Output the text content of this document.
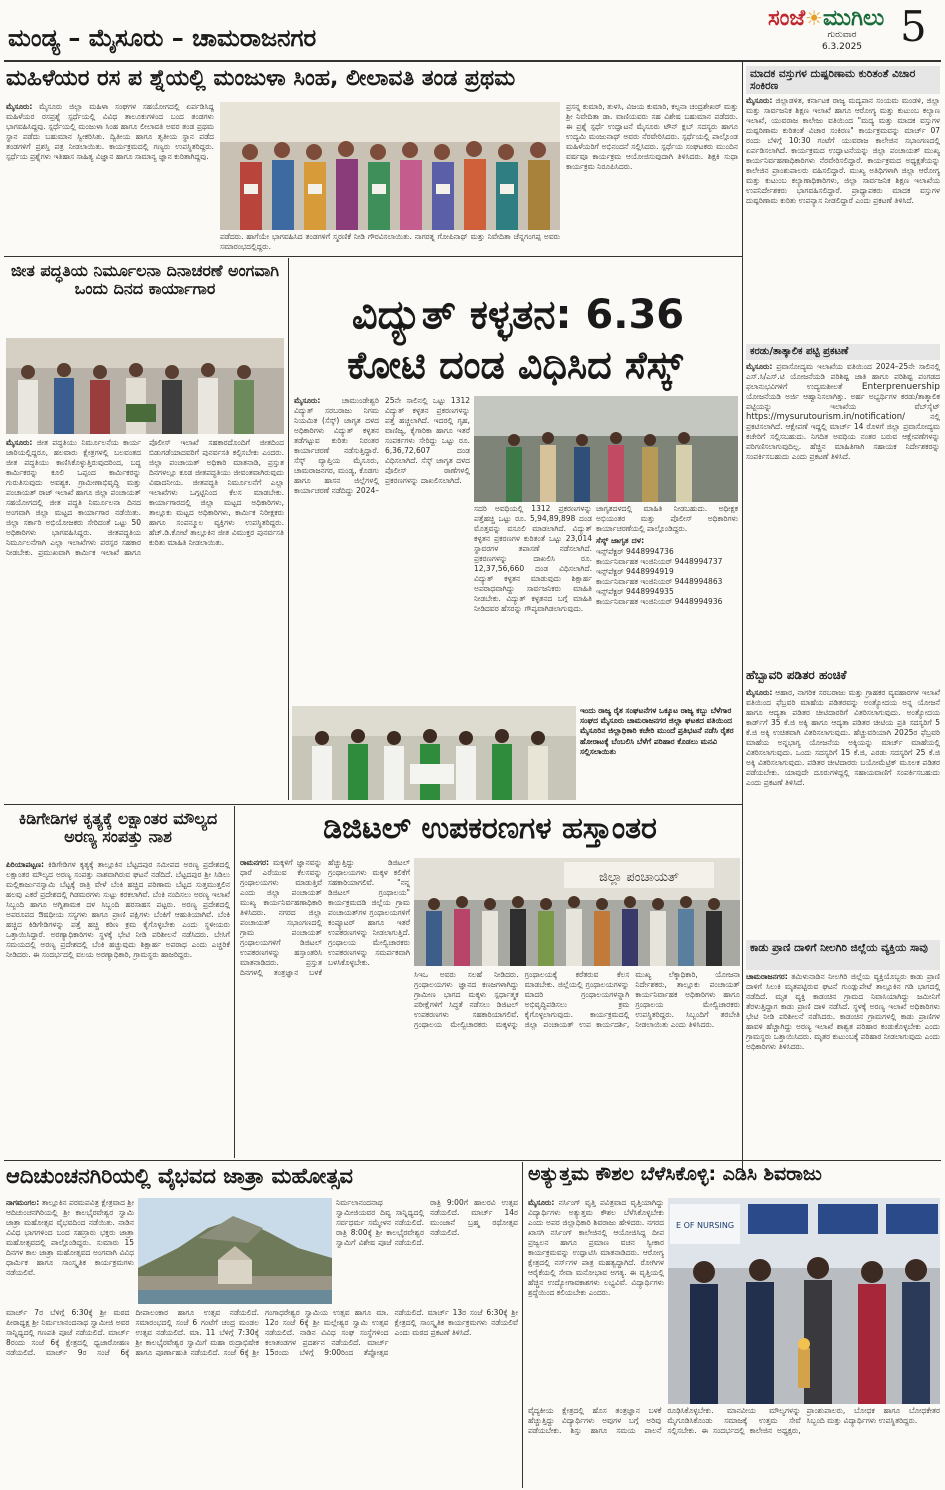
ಮಂಡ್ಯ – ಮೈಸೂರು – ಚಾಮರಾಜನಗರ
ಸಂಜೆ☀ಮುಗಿಲು
ಗುರುವಾರ
6.3.2025 5
ಮಹಿಳೆಯರ ರಸ ಪ ಶ್ನೆಯಲ್ಲಿ ಮಂಜುಳಾ ಸಿಂಹ, ಲೀಲಾವತಿ ತಂಡ ಪ್ರಥಮ
ಮೈಸೂರು: ಮೈಸೂರು ಜಿಲ್ಲಾ ಮಹಿಳಾ ಸಂಘಗಳ ಸಹಯೋಗದಲ್ಲಿ ಏರ್ಪಡಿಸಿದ್ದ ಮಹಿಳೆಯರ ರಸಪ್ರಶ್ನೆ ಸ್ಪರ್ಧೆಯಲ್ಲಿ ವಿವಿಧ ತಾಲೂಕುಗಳಿಂದ ಬಂದ ತಂಡಗಳು ಭಾಗವಹಿಸಿದ್ದವು. ಸ್ಪರ್ಧೆಯಲ್ಲಿ ಮಂಜುಳಾ ಸಿಂಹ ಹಾಗೂ ಲೀಲಾವತಿ ಅವರ ತಂಡ ಪ್ರಥಮ ಸ್ಥಾನ ಪಡೆದು ಬಹುಮಾನ ಸ್ವೀಕರಿಸಿತು. ದ್ವಿತೀಯ ಹಾಗೂ ತೃತೀಯ ಸ್ಥಾನ ಪಡೆದ ತಂಡಗಳಿಗೆ ಪ್ರಶಸ್ತಿ ಪತ್ರ ನೀಡಲಾಯಿತು. ಕಾರ್ಯಕ್ರಮದಲ್ಲಿ ಗಣ್ಯರು ಉಪಸ್ಥಿತರಿದ್ದರು. ಸ್ಪರ್ಧೆಯ ಪ್ರಶ್ನೆಗಳು ಇತಿಹಾಸ ಸಾಹಿತ್ಯ ವಿಜ್ಞಾನ ಹಾಗೂ ಸಾಮಾನ್ಯ ಜ್ಞಾನ ಕುರಿತಾಗಿದ್ದವು.
ಪಡೆದರು. ಹಾಗೆಯೇ ಭಾಗವಹಿಸಿದ ತಂಡಗಳಿಗೆ ಸ್ಮರಣಿಕೆ ನೀಡಿ ಗೌರವಿಸಲಾಯಿತು. ನಾಗರತ್ನ ಗೋಪಿನಾಥ್ ಮತ್ತು ನಿವೇದಿತಾ ಚೆನ್ನಗಂಗಪ್ಪ ಅವರು ಸಮಾರಂಭದಲ್ಲಿದ್ದರು.
ಪ್ರಸನ್ನ ಕುಮಾರಿ, ತುಳಸಿ, ವಿಜಯ ಕುಮಾರಿ, ಕಲ್ಪನಾ ಚಂದ್ರಶೇಖರ್ ಮತ್ತು ಶ್ರೀ ನಿವೇದಿತಾ ಡಾ. ವಾಣಿಯವರು ಸಹ ವಿಶೇಷ ಬಹುಮಾನ ಪಡೆದರು. ಈ ಪ್ರಶ್ನೆ ಸ್ಪರ್ಧೆ ಉದ್ಘಾಟನೆ ಮೈಸೂರು ಟೌನ್ ಕ್ಲಬ್ ಸದಸ್ಯರು ಹಾಗೂ ಉದ್ಯಮಿ ಮಂಜುನಾಥ್ ಅವರು ನೆರವೇರಿಸಿದರು. ಸ್ಪರ್ಧೆಯಲ್ಲಿ ಪಾಲ್ಗೊಂಡ ಮಹಿಳೆಯರಿಗೆ ಅಭಿನಂದನೆ ಸಲ್ಲಿಸಿದರು. ಸ್ಪರ್ಧೆಯ ಸಂಘಟಕರು ಮುಂದಿನ ವರ್ಷವೂ ಕಾರ್ಯಕ್ರಮ ಆಯೋಜಿಸುವುದಾಗಿ ತಿಳಿಸಿದರು. ಶಿಕ್ಷಕಿ ಸುಧಾ ಕಾರ್ಯಕ್ರಮ ನಿರೂಪಿಸಿದರು.
ಮಾದಕ ವಸ್ತುಗಳ ದುಷ್ಪರಿಣಾಮ ಕುರಿತಂತೆ ವಿಚಾರ ಸಂಕಿರಣ
ಮೈಸೂರು: ಜಿಲ್ಲಾಡಳಿತ, ಕರ್ನಾಟಕ ರಾಜ್ಯ ಮದ್ಯಪಾನ ಸಂಯಮ ಮಂಡಳಿ, ಜಿಲ್ಲಾ ಮತ್ತು ಸಾರ್ವಜನಿಕ ಶಿಕ್ಷಣ ಇಲಾಖೆ ಹಾಗೂ ಆರೋಗ್ಯ ಮತ್ತು ಕುಟುಂಬ ಕಲ್ಯಾಣ ಇಲಾಖೆ, ಯುವರಾಜ ಕಾಲೇಜು ವತಿಯಿಂದ "ಮದ್ಯ ಮತ್ತು ಮಾದಕ ವಸ್ತುಗಳ ದುಷ್ಪರಿಣಾಮ ಕುರಿತಂತೆ ವಿಚಾರ ಸಂಕಿರಣ" ಕಾರ್ಯಕ್ರಮವನ್ನು ಮಾರ್ಚ್ 07 ರಂದು ಬೆಳಿಗ್ಗೆ 10:30 ಗಂಟೆಗೆ ಯುವರಾಜ ಕಾಲೇಜಿನ ಸಭಾಂಗಣದಲ್ಲಿ ಏರ್ಪಡಿಸಲಾಗಿದೆ. ಕಾರ್ಯಕ್ರಮದ ಉದ್ಘಾಟನೆಯನ್ನು ಜಿಲ್ಲಾ ಪಂಚಾಯತ್ ಮುಖ್ಯ ಕಾರ್ಯನಿರ್ವಹಣಾಧಿಕಾರಿಗಳು ನೆರವೇರಿಸಲಿದ್ದಾರೆ. ಕಾರ್ಯಕ್ರಮದ ಅಧ್ಯಕ್ಷತೆಯನ್ನು ಕಾಲೇಜಿನ ಪ್ರಾಂಶುಪಾಲರು ವಹಿಸಲಿದ್ದಾರೆ. ಮುಖ್ಯ ಅತಿಥಿಗಳಾಗಿ ಜಿಲ್ಲಾ ಆರೋಗ್ಯ ಮತ್ತು ಕುಟುಂಬ ಕಲ್ಯಾಣಾಧಿಕಾರಿಗಳು, ಜಿಲ್ಲಾ ಸಾರ್ವಜನಿಕ ಶಿಕ್ಷಣ ಇಲಾಖೆಯ ಉಪನಿರ್ದೇಶಕರು ಭಾಗವಹಿಸಲಿದ್ದಾರೆ. ಪ್ರಾಧ್ಯಾಪಕರು ಮಾದಕ ವಸ್ತುಗಳ ದುಷ್ಪರಿಣಾಮ ಕುರಿತು ಉಪನ್ಯಾಸ ನೀಡಲಿದ್ದಾರೆ ಎಂದು ಪ್ರಕಟಣೆ ತಿಳಿಸಿದೆ.
ಜೀತ ಪದ್ಧತಿಯ ನಿರ್ಮೂಲನಾ ದಿನಾಚರಣೆ ಅಂಗವಾಗಿ ಒಂದು ದಿನದ ಕಾರ್ಯಾಗಾರ
ಮೈಸೂರು: ಜೀತ ಪದ್ಧತಿಯು ನಿರ್ಮೂಲನೆಯ ಕಾರ್ಯ ಜಾರಿಯಲ್ಲಿದ್ದರೂ, ಹಲವಾರು ಕ್ಷೇತ್ರಗಳಲ್ಲಿ ಬಲವಂತದ ಜೀತ ಪದ್ಧತಿಯು ಕಾಣಿಸಿಕೊಳ್ಳುತ್ತಿರುವುದರಿಂದ, ಬದ್ಧ ಕಾರ್ಮಿಕರನ್ನು ಕೂಲಿ ಒಪ್ಪಂದ ಕಾರ್ಮಿಕರನ್ನು ಗುರುತಿಸುವುದು ಅವಶ್ಯಕ. ಗ್ರಾಮೀಣಾಭಿವೃದ್ಧಿ ಮತ್ತು ಪಂಚಾಯತ್ ರಾಜ್ ಇಲಾಖೆ ಹಾಗೂ ಜಿಲ್ಲಾ ಪಂಚಾಯತ್ ಸಹಯೋಗದಲ್ಲಿ ಜೀತ ಪದ್ಧತಿ ನಿರ್ಮೂಲನಾ ದಿನದ ಅಂಗವಾಗಿ ಜಿಲ್ಲಾ ಮಟ್ಟದ ಕಾರ್ಯಾಗಾರ ನಡೆಯಿತು. ಜಿಲ್ಲಾ ಸರ್ಕಾರಿ ಅಭಿಯೋಜಕರು ಸೇರಿದಂತೆ ಒಟ್ಟು 50 ಅಧಿಕಾರಿಗಳು ಭಾಗವಹಿಸಿದ್ದರು. ಜೀತಪದ್ಧತಿಯ ನಿರ್ಮೂಲನೆಗಾಗಿ ಎಲ್ಲಾ ಇಲಾಖೆಗಳು ಪರಸ್ಪರ ಸಹಕಾರ ನೀಡಬೇಕು. ಪ್ರಮುಖವಾಗಿ ಕಾರ್ಮಿಕ ಇಲಾಖೆ ಹಾಗೂ ಪೊಲೀಸ್ ಇಲಾಖೆ ಸಹಕಾರದೊಂದಿಗೆ ಜೀತದಿಂದ ಬಿಡುಗಡೆಯಾದವರಿಗೆ ಪುನರ್ವಸತಿ ಕಲ್ಪಿಸಬೇಕು ಎಂದರು. ಜಿಲ್ಲಾ ಪಂಚಾಯತ್ ಅಧಿಕಾರಿ ಮಾತನಾಡಿ, ಪ್ರಸ್ತುತ ದಿನಗಳಲ್ಲೂ ಕೂಡ ಜೀತಪದ್ಧತಿಯು ಜೀವಂತವಾಗಿರುವುದು ವಿಷಾದನೀಯ. ಜೀತಪದ್ಧತಿ ನಿರ್ಮೂಲನೆಗೆ ಎಲ್ಲಾ ಇಲಾಖೆಗಳು ಒಗ್ಗಟ್ಟಿನಿಂದ ಕೆಲಸ ಮಾಡಬೇಕು. ಕಾರ್ಯಾಗಾರದಲ್ಲಿ ಜಿಲ್ಲಾ ಮಟ್ಟದ ಅಧಿಕಾರಿಗಳು, ತಾಲ್ಲೂಕು ಮಟ್ಟದ ಅಧಿಕಾರಿಗಳು, ಕಾರ್ಮಿಕ ನಿರೀಕ್ಷಕರು ಹಾಗೂ ಸಂಪನ್ಮೂಲ ವ್ಯಕ್ತಿಗಳು ಉಪಸ್ಥಿತರಿದ್ದರು. ಹೆಚ್.ಡಿ.ಕೋಟೆ ತಾಲ್ಲೂಕಿನ ಜೀತ ವಿಮುಕ್ತರ ಪುನರ್ವಸತಿ ಕುರಿತು ಮಾಹಿತಿ ನೀಡಲಾಯಿತು.
ವಿದ್ಯುತ್ ಕಳ್ಳತನ: 6.36
ಕೋಟಿ ದಂಡ ವಿಧಿಸಿದ ಸೆಸ್ಕ್
ಮೈಸೂರು: ಚಾಮುಂಡೇಶ್ವರಿ ವಿದ್ಯುತ್ ಸರಬರಾಜು ನಿಗಮ ನಿಯಮಿತ (ಸೆಸ್ಕ್) ಜಾಗೃತ ದಳದ ಅಧಿಕಾರಿಗಳು ವಿದ್ಯುತ್ ಕಳ್ಳತನ ತಡೆಗಟ್ಟುವ ಕುರಿತು ನಿರಂತರ ಕಾರ್ಯಾಚರಣೆ ನಡೆಸುತ್ತಿದ್ದಾರೆ. ಸೆಸ್ಕ್ ವ್ಯಾಪ್ತಿಯ ಮೈಸೂರು, ಚಾಮರಾಜನಗರ, ಮಂಡ್ಯ, ಕೊಡಗು ಹಾಗೂ ಹಾಸನ ಜಿಲ್ಲೆಗಳಲ್ಲಿ ಕಾರ್ಯಾಚರಣೆ ನಡೆದಿದ್ದು 2024–25ನೇ ಸಾಲಿನಲ್ಲಿ ಒಟ್ಟು 1312 ವಿದ್ಯುತ್ ಕಳ್ಳತನ ಪ್ರಕರಣಗಳನ್ನು ಪತ್ತೆ ಹಚ್ಚಲಾಗಿದೆ. ಇದರಲ್ಲಿ ಗೃಹ, ವಾಣಿಜ್ಯ, ಕೈಗಾರಿಕಾ ಹಾಗೂ ಇತರೆ ಸಂಪರ್ಕಗಳು ಸೇರಿದ್ದು ಒಟ್ಟು ರೂ. 6,36,72,607 ದಂಡ ವಿಧಿಸಲಾಗಿದೆ. ಸೆಸ್ಕ್ ಜಾಗೃತ ದಳದ ಪೊಲೀಸ್ ಠಾಣೆಗಳಲ್ಲಿ ಪ್ರಕರಣಗಳನ್ನು ದಾಖಲಿಸಲಾಗಿದೆ.
ಸದರಿ ಅವಧಿಯಲ್ಲಿ 1312 ಪ್ರಕರಣಗಳನ್ನು ಪತ್ತೆಹಚ್ಚಿ ಒಟ್ಟು ರೂ. 5,94,89,898 ದಂಡ ಮೊತ್ತವನ್ನು ವಸೂಲಿ ಮಾಡಲಾಗಿದೆ. ವಿದ್ಯುತ್ ಕಳ್ಳತನ ಪ್ರಕರಣಗಳ ಕುರಿತಂತೆ ಒಟ್ಟು 23,014 ಸ್ಥಾವರಗಳ ತಪಾಸಣೆ ನಡೆಸಲಾಗಿದೆ. ಪ್ರಕರಣಗಳನ್ನು ದಾಖಲಿಸಿ ರೂ. 12,37,56,660 ದಂಡ ವಿಧಿಸಲಾಗಿದೆ. ವಿದ್ಯುತ್ ಕಳ್ಳತನ ಮಾಡುವುದು ಶಿಕ್ಷಾರ್ಹ ಅಪರಾಧವಾಗಿದ್ದು ಸಾರ್ವಜನಿಕರು ಮಾಹಿತಿ ನೀಡಬೇಕು. ವಿದ್ಯುತ್ ಕಳ್ಳತನದ ಬಗ್ಗೆ ಮಾಹಿತಿ ನೀಡಿದವರ ಹೆಸರನ್ನು ಗೌಪ್ಯವಾಗಿಡಲಾಗುವುದು.
ಜಾಗೃತದಳದಲ್ಲಿ ಮಾಹಿತಿ ನೀಡಬಹುದು. ಅಧೀಕ್ಷಕ ಅಭಿಯಂತರ ಮತ್ತು ಪೊಲೀಸ್ ಅಧಿಕಾರಿಗಳು ಕಾರ್ಯಾಚರಣೆಯಲ್ಲಿ ಪಾಲ್ಗೊಂಡಿದ್ದರು.
ಸೆಸ್ಕ್ ಜಾಗೃತ ದಳ:
ಇನ್ಸ್‌ಪೆಕ್ಟರ್ 9448994736
ಕಾರ್ಯನಿರ್ವಾಹಕ ಇಂಜಿನಿಯರ್ 9448994737
ಇನ್ಸ್‌ಪೆಕ್ಟರ್ 9448994919
ಕಾರ್ಯನಿರ್ವಾಹಕ ಇಂಜಿನಿಯರ್ 9448994863
ಇನ್ಸ್‌ಪೆಕ್ಟರ್ 9448994935
ಕಾರ್ಯನಿರ್ವಾಹಕ ಇಂಜಿನಿಯರ್ 9448994936
ಇಂದು ರಾಜ್ಯ ರೈತ ಸಂಘಟನೆಗಳ ಒಕ್ಕೂಟ ರಾಜ್ಯ ಕಬ್ಬು ಬೆಳೆಗಾರ ಸಂಘದ ಮೈಸೂರು ಚಾಮರಾಜನಗರ ಜಿಲ್ಲಾ ಘಟಕದ ವತಿಯಿಂದ ಮೈಸೂರಿನ ಜಿಲ್ಲಾಧಿಕಾರಿ ಕಚೇರಿ ಮುಂದೆ ಪ್ರತಿಭಟನೆ ನಡೆಸಿ ರೈತರ ಹೋರಾಟಕ್ಕೆ ಬೆಂಬಲಿಸಿ ಬೆಳೆಗೆ ಪರಿಹಾರ ಕೊಡಲು ಮನವಿ ಸಲ್ಲಿಸಲಾಯಿತು
ಕರಡು/ತಾತ್ಕಾಲಿಕ ಪಟ್ಟಿ ಪ್ರಕಟಣೆ
ಮೈಸೂರು: ಪ್ರವಾಸೋದ್ಯಮ ಇಲಾಖೆಯ ವತಿಯಿಂದ 2024–25ನೇ ಸಾಲಿನಲ್ಲಿ ಎಸ್.ಸಿ/ಎಸ್.ಟಿ ಯೋಜನೆಯಡಿ ಪರಿಶಿಷ್ಟ ಜಾತಿ ಹಾಗೂ ಪರಿಶಿಷ್ಟ ಪಂಗಡದ ಫಲಾನುಭವಿಗಳಿಗೆ ಉದ್ಯಮಶೀಲತೆ Enterprenuership ಯೋಜನೆಯಡಿ ಅರ್ಜಿ ಆಹ್ವಾನಿಸಲಾಗಿತ್ತು. ಅರ್ಹ ಅಭ್ಯರ್ಥಿಗಳ ಕರಡು/ತಾತ್ಕಾಲಿಕ ಪಟ್ಟಿಯನ್ನು ಇಲಾಖೆಯ ವೆಬ್‌ಸೈಟ್ https://mysurutourism.in/notification/ ನಲ್ಲಿ ಪ್ರಕಟಿಸಲಾಗಿದೆ. ಆಕ್ಷೇಪಣೆ ಇದ್ದಲ್ಲಿ ಮಾರ್ಚ್ 14 ರೊಳಗೆ ಜಿಲ್ಲಾ ಪ್ರವಾಸೋದ್ಯಮ ಕಚೇರಿಗೆ ಸಲ್ಲಿಸಬಹುದು. ನಿಗದಿತ ಅವಧಿಯ ನಂತರ ಬರುವ ಆಕ್ಷೇಪಣೆಗಳನ್ನು ಪರಿಗಣಿಸಲಾಗುವುದಿಲ್ಲ. ಹೆಚ್ಚಿನ ಮಾಹಿತಿಗಾಗಿ ಸಹಾಯಕ ನಿರ್ದೇಶಕರನ್ನು ಸಂಪರ್ಕಿಸಬಹುದು ಎಂದು ಪ್ರಕಟಣೆ ತಿಳಿಸಿದೆ.
ಹೆಬ್ಬಾವರಿ ಪಡಿತರ ಹಂಚಿಕೆ
ಮೈಸೂರು: ಆಹಾರ, ನಾಗರಿಕ ಸರಬರಾಜು ಮತ್ತು ಗ್ರಾಹಕರ ವ್ಯವಹಾರಗಳ ಇಲಾಖೆ ವತಿಯಿಂದ ಫೆಬ್ರವರಿ ಮಾಹೆಯ ಪಡಿತರವನ್ನು ಅಂತ್ಯೋದಯ ಅನ್ನ ಯೋಜನೆ ಹಾಗೂ ಆದ್ಯತಾ ಪಡಿತರ ಚೀಟಿದಾರರಿಗೆ ವಿತರಿಸಲಾಗುವುದು. ಅಂತ್ಯೋದಯ ಕಾರ್ಡ್‌ಗೆ 35 ಕೆ.ಜಿ ಅಕ್ಕಿ ಹಾಗೂ ಆದ್ಯತಾ ಪಡಿತರ ಚೀಟಿಯ ಪ್ರತಿ ಸದಸ್ಯರಿಗೆ 5 ಕೆ.ಜಿ ಅಕ್ಕಿ ಉಚಿತವಾಗಿ ವಿತರಿಸಲಾಗುವುದು. ಹೆಚ್ಚುವರಿಯಾಗಿ 2025ರ ಫೆಬ್ರವರಿ ಮಾಹೆಯ ಅನ್ನಭಾಗ್ಯ ಯೋಜನೆಯ ಅಕ್ಕಿಯನ್ನು ಮಾರ್ಚ್ ಮಾಹೆಯಲ್ಲಿ ವಿತರಿಸಲಾಗುವುದು. ಒಂದು ಸದಸ್ಯರಿಗೆ 15 ಕೆ.ಜಿ, ಎರಡು ಸದಸ್ಯರಿಗೆ 25 ಕೆ.ಜಿ ಅಕ್ಕಿ ವಿತರಿಸಲಾಗುವುದು. ಪಡಿತರ ಚೀಟಿದಾರರು ಬಯೋಮೆಟ್ರಿಕ್ ಮೂಲಕ ಪಡಿತರ ಪಡೆಯಬೇಕು. ಯಾವುದೇ ದೂರುಗಳಿದ್ದಲ್ಲಿ ಸಹಾಯವಾಣಿಗೆ ಸಂಪರ್ಕಿಸಬಹುದು ಎಂದು ಪ್ರಕಟಣೆ ತಿಳಿಸಿದೆ.
ಕಿಡಿಗೇಡಿಗಳ ಕೃತ್ಯಕ್ಕೆ ಲಕ್ಷಾಂತರ ಮೌಲ್ಯದ ಅರಣ್ಯ ಸಂಪತ್ತು ನಾಶ
ಪಿರಿಯಾಪಟ್ಟಣ: ಕಿಡಿಗೇಡಿಗಳ ಕೃತ್ಯಕ್ಕೆ ತಾಲ್ಲೂಕಿನ ಬೆಟ್ಟದಪುರ ಸಮೀಪದ ಅರಣ್ಯ ಪ್ರದೇಶದಲ್ಲಿ ಲಕ್ಷಾಂತರ ಮೌಲ್ಯದ ಅರಣ್ಯ ಸಂಪತ್ತು ನಾಶವಾಗಿರುವ ಘಟನೆ ನಡೆದಿದೆ. ಬೆಟ್ಟದಪುರ ಶ್ರೀ ಸಿಡಿಲು ಮಲ್ಲಿಕಾರ್ಜುನಸ್ವಾಮಿ ಬೆಟ್ಟಕ್ಕೆ ರಾತ್ರಿ ವೇಳೆ ಬೆಂಕಿ ಹಚ್ಚಿದ ಪರಿಣಾಮ ಬೆಟ್ಟದ ಸುತ್ತಮುತ್ತಲಿನ ಹಲವು ಎಕರೆ ಪ್ರದೇಶದಲ್ಲಿ ಗಿಡಮರಗಳು ಸುಟ್ಟು ಕರಕಲಾಗಿವೆ. ಬೆಂಕಿ ನಂದಿಸಲು ಅರಣ್ಯ ಇಲಾಖೆ ಸಿಬ್ಬಂದಿ ಹಾಗೂ ಅಗ್ನಿಶಾಮಕ ದಳ ಸಿಬ್ಬಂದಿ ಹರಸಾಹಸ ಪಟ್ಟರು. ಅರಣ್ಯ ಪ್ರದೇಶದಲ್ಲಿ ಅಪರೂಪದ ಔಷಧೀಯ ಸಸ್ಯಗಳು ಹಾಗೂ ಪ್ರಾಣಿ ಪಕ್ಷಿಗಳು ಬೆಂಕಿಗೆ ಆಹುತಿಯಾಗಿವೆ. ಬೆಂಕಿ ಹಚ್ಚಿದ ಕಿಡಿಗೇಡಿಗಳನ್ನು ಪತ್ತೆ ಹಚ್ಚಿ ಕಠಿಣ ಕ್ರಮ ಕೈಗೊಳ್ಳಬೇಕು ಎಂದು ಸ್ಥಳೀಯರು ಒತ್ತಾಯಿಸಿದ್ದಾರೆ. ಅರಣ್ಯಾಧಿಕಾರಿಗಳು ಸ್ಥಳಕ್ಕೆ ಭೇಟಿ ನೀಡಿ ಪರಿಶೀಲನೆ ನಡೆಸಿದರು. ಬೇಸಿಗೆ ಸಮಯದಲ್ಲಿ ಅರಣ್ಯ ಪ್ರದೇಶದಲ್ಲಿ ಬೆಂಕಿ ಹಚ್ಚುವುದು ಶಿಕ್ಷಾರ್ಹ ಅಪರಾಧ ಎಂದು ಎಚ್ಚರಿಕೆ ನೀಡಿದರು. ಈ ಸಂದರ್ಭದಲ್ಲಿ ವಲಯ ಅರಣ್ಯಾಧಿಕಾರಿ, ಗ್ರಾಮಸ್ಥರು ಹಾಜರಿದ್ದರು.
ಡಿಜಿಟಲ್ ಉಪಕರಣಗಳ ಹಸ್ತಾಂತರ
ರಾಮನಗರ: ಮಕ್ಕಳಿಗೆ ಜ್ಞಾನವನ್ನು ಧಾರೆ ಎರೆಯುವ ಕೆಲಸವನ್ನು ಗ್ರಂಥಾಲಯಗಳು ಮಾಡುತ್ತಿವೆ ಎಂದು ಜಿಲ್ಲಾ ಪಂಚಾಯತ್ ಮುಖ್ಯ ಕಾರ್ಯನಿರ್ವಹಣಾಧಿಕಾರಿ ತಿಳಿಸಿದರು. ನಗರದ ಜಿಲ್ಲಾ ಪಂಚಾಯತ್ ಸಭಾಂಗಣದಲ್ಲಿ ಗ್ರಾಮ ಪಂಚಾಯತ್ ಗ್ರಂಥಾಲಯಗಳಿಗೆ ಡಿಜಿಟಲ್ ಉಪಕರಣಗಳನ್ನು ಹಸ್ತಾಂತರಿಸಿ ಮಾತನಾಡಿದರು. ಪ್ರಸ್ತುತ ದಿನಗಳಲ್ಲಿ ತಂತ್ರಜ್ಞಾನ ಬಳಕೆ ಹೆಚ್ಚುತ್ತಿದ್ದು ಡಿಜಿಟಲ್ ಗ್ರಂಥಾಲಯಗಳು ಮಕ್ಕಳ ಕಲಿಕೆಗೆ ಸಹಕಾರಿಯಾಗಲಿವೆ. "ನನ್ನ ಡಿಜಿಟಲ್ ಗ್ರಂಥಾಲಯ" ಕಾರ್ಯಕ್ರಮದಡಿ ಜಿಲ್ಲೆಯ ಗ್ರಾಮ ಪಂಚಾಯತ್‌ಗಳ ಗ್ರಂಥಾಲಯಗಳಿಗೆ ಕಂಪ್ಯೂಟರ್ ಹಾಗೂ ಇತರೆ ಉಪಕರಣಗಳನ್ನು ನೀಡಲಾಗುತ್ತಿದೆ. ಗ್ರಂಥಾಲಯ ಮೇಲ್ವಿಚಾರಕರು ಉಪಕರಣಗಳನ್ನು ಸಮರ್ಪಕವಾಗಿ ಬಳಸಿಕೊಳ್ಳಬೇಕು.
ಜಿಲ್ಲಾ ಪಂಚಾಯತ್
ಸಿಇಒ ಅವರು ಸಲಹೆ ನೀಡಿದರು. ಗ್ರಂಥಾಲಯಗಳು ಜ್ಞಾನದ ಕಣಜಗಳಾಗಿದ್ದು ಗ್ರಾಮೀಣ ಭಾಗದ ಮಕ್ಕಳು ಸ್ಪರ್ಧಾತ್ಮಕ ಪರೀಕ್ಷೆಗಳಿಗೆ ಸಿದ್ಧತೆ ನಡೆಸಲು ಡಿಜಿಟಲ್ ಉಪಕರಣಗಳು ಸಹಕಾರಿಯಾಗಲಿವೆ. ಗ್ರಂಥಾಲಯ ಮೇಲ್ವಿಚಾರಕರು ಮಕ್ಕಳನ್ನು ಗ್ರಂಥಾಲಯಕ್ಕೆ ಕರೆತರುವ ಕೆಲಸ ಮಾಡಬೇಕು. ಜಿಲ್ಲೆಯಲ್ಲಿ ಗ್ರಂಥಾಲಯಗಳನ್ನು ಮಾದರಿ ಗ್ರಂಥಾಲಯಗಳನ್ನಾಗಿ ಅಭಿವೃದ್ಧಿಪಡಿಸಲು ಕ್ರಮ ಕೈಗೊಳ್ಳಲಾಗುವುದು. ಕಾರ್ಯಕ್ರಮದಲ್ಲಿ ಜಿಲ್ಲಾ ಪಂಚಾಯತ್ ಉಪ ಕಾರ್ಯದರ್ಶಿ, ಮುಖ್ಯ ಲೆಕ್ಕಾಧಿಕಾರಿ, ಯೋಜನಾ ನಿರ್ದೇಶಕರು, ತಾಲ್ಲೂಕು ಪಂಚಾಯತ್ ಕಾರ್ಯನಿರ್ವಾಹಕ ಅಧಿಕಾರಿಗಳು ಹಾಗೂ ಗ್ರಂಥಾಲಯ ಮೇಲ್ವಿಚಾರಕರು ಉಪಸ್ಥಿತರಿದ್ದರು. ಸಿಬ್ಬಂದಿಗೆ ತರಬೇತಿ ನೀಡಲಾಯಿತು ಎಂದು ತಿಳಿಸಿದರು.
ಕಾಡು ಪ್ರಾಣಿ ದಾಳಿಗೆ ನೀಲಗಿರಿ ಜಿಲ್ಲೆಯ ವ್ಯಕ್ತಿಯ ಸಾವು
ಚಾಮರಾಜನಗರ: ತಮಿಳುನಾಡಿನ ನೀಲಗಿರಿ ಜಿಲ್ಲೆಯ ವ್ಯಕ್ತಿಯೊಬ್ಬರು ಕಾಡು ಪ್ರಾಣಿ ದಾಳಿಗೆ ಸಿಲುಕಿ ಮೃತಪಟ್ಟಿರುವ ಘಟನೆ ಗುಂಡ್ಲುಪೇಟೆ ತಾಲ್ಲೂಕಿನ ಗಡಿ ಭಾಗದಲ್ಲಿ ನಡೆದಿದೆ. ಮೃತ ವ್ಯಕ್ತಿ ಕಾಡಂಚಿನ ಗ್ರಾಮದ ನಿವಾಸಿಯಾಗಿದ್ದು ಜಮೀನಿಗೆ ತೆರಳುತ್ತಿದ್ದಾಗ ಕಾಡು ಪ್ರಾಣಿ ದಾಳಿ ನಡೆಸಿದೆ. ಸ್ಥಳಕ್ಕೆ ಅರಣ್ಯ ಇಲಾಖೆ ಅಧಿಕಾರಿಗಳು ಭೇಟಿ ನೀಡಿ ಪರಿಶೀಲನೆ ನಡೆಸಿದರು. ಕಾಡಂಚಿನ ಗ್ರಾಮಗಳಲ್ಲಿ ಕಾಡು ಪ್ರಾಣಿಗಳ ಹಾವಳಿ ಹೆಚ್ಚಾಗಿದ್ದು ಅರಣ್ಯ ಇಲಾಖೆ ಶಾಶ್ವತ ಪರಿಹಾರ ಕಂಡುಕೊಳ್ಳಬೇಕು ಎಂದು ಗ್ರಾಮಸ್ಥರು ಒತ್ತಾಯಿಸಿದರು. ಮೃತರ ಕುಟುಂಬಕ್ಕೆ ಪರಿಹಾರ ನೀಡಲಾಗುವುದು ಎಂದು ಅಧಿಕಾರಿಗಳು ತಿಳಿಸಿದರು.
ಆದಿಚುಂಚನಗಿರಿಯಲ್ಲಿ ವೈಭವದ ಜಾತ್ರಾ ಮಹೋತ್ಸವ
ನಾಗಮಂಗಲ: ತಾಲ್ಲೂಕಿನ ಪರಮಪವಿತ್ರ ಕ್ಷೇತ್ರವಾದ ಶ್ರೀ ಆದಿಚುಂಚನಗಿರಿಯಲ್ಲಿ ಶ್ರೀ ಕಾಲಭೈರವೇಶ್ವರ ಸ್ವಾಮಿ ಜಾತ್ರಾ ಮಹೋತ್ಸವ ವೈಭವದಿಂದ ನಡೆಯಿತು. ನಾಡಿನ ವಿವಿಧ ಭಾಗಗಳಿಂದ ಬಂದ ಸಹಸ್ರಾರು ಭಕ್ತರು ಜಾತ್ರಾ ಮಹೋತ್ಸವದಲ್ಲಿ ಪಾಲ್ಗೊಂಡಿದ್ದರು. ಸುಮಾರು 15 ದಿನಗಳ ಕಾಲ ಜಾತ್ರಾ ಮಹೋತ್ಸವದ ಅಂಗವಾಗಿ ವಿವಿಧ ಧಾರ್ಮಿಕ ಹಾಗೂ ಸಾಂಸ್ಕೃತಿಕ ಕಾರ್ಯಕ್ರಮಗಳು ನಡೆಯಲಿವೆ.
ನಿರ್ಮಲಾನಂದನಾಥ ಸ್ವಾಮೀಜಿಯವರ ದಿವ್ಯ ಸಾನ್ನಿಧ್ಯದಲ್ಲಿ ಸರ್ವಧರ್ಮ ಸಮ್ಮೇಳನ ನಡೆಯಲಿದೆ. ರಾತ್ರಿ 8:00ಕ್ಕೆ ಶ್ರೀ ಕಾಲಭೈರವೇಶ್ವರ ಸ್ವಾಮಿಗೆ ವಿಶೇಷ ಪೂಜೆ ನಡೆಯಲಿದೆ. ರಾತ್ರಿ 9:00ಗೆ ಹಾಲರವಿ ಉತ್ಸವ ನಡೆಯಲಿದೆ. ಮಾರ್ಚ್ 14ರ ಮುಂಜಾನೆ ಬ್ರಹ್ಮ ರಥೋತ್ಸವ ನಡೆಯಲಿದೆ.
ಮಾರ್ಚ್ 7ರ ಬೆಳಿಗ್ಗೆ 6:30ಕ್ಕೆ ಶ್ರೀ ಮಠದ ಪೀಠಾಧ್ಯಕ್ಷ ಶ್ರೀ ನಿರ್ಮಲಾನಂದನಾಥ ಸ್ವಾಮೀಜಿ ಅವರ ಸಾನ್ನಿಧ್ಯದಲ್ಲಿ ಗಣಪತಿ ಪೂಜೆ ನಡೆಯಲಿದೆ. ಮಾರ್ಚ್ 8ರಂದು ಸಂಜೆ 6ಕ್ಕೆ ಕ್ಷೇತ್ರದಲ್ಲಿ ಧ್ವಜಾರೋಹಣ ನಡೆಯಲಿದೆ. ಮಾರ್ಚ್ 9ರ ಸಂಜೆ 6ಕ್ಕೆ ದೀಪಾಲಂಕಾರ ಹಾಗೂ ಉತ್ಸವ ನಡೆಯಲಿದೆ. ಸಮಾರಂಭದಲ್ಲಿ ಸಂಜೆ 6 ಗಂಟೆಗೆ ಚಂದ್ರ ಮಂಡಲ ಉತ್ಸವ ನಡೆಯಲಿದೆ. ಮಾ. 11 ಬೆಳಿಗ್ಗೆ 7:30ಕ್ಕೆ ಶ್ರೀ ಕಾಲಭೈರವೇಶ್ವರ ಸ್ವಾಮಿಗೆ ಮಹಾ ರುದ್ರಾಭಿಷೇಕ ಹಾಗೂ ಪೂರ್ಣಾಹುತಿ ನಡೆಯಲಿದೆ. ಸಂಜೆ 6ಕ್ಕೆ ಶ್ರೀ ಗಂಗಾಧರೇಶ್ವರ ಸ್ವಾಮಿಯ ಉತ್ಸವ ಹಾಗೂ ಮಾ. 12ರ ಸಂಜೆ 6ಕ್ಕೆ ಶ್ರೀ ಮಲ್ಲೇಶ್ವರ ಸ್ವಾಮಿ ಉತ್ಸವ ನಡೆಯಲಿದೆ. ನಾಡಿನ ವಿವಿಧ ಸಂಘ ಸಂಸ್ಥೆಗಳಿಂದ ಕಲಾತಂಡಗಳ ಪ್ರದರ್ಶನ ನಡೆಯಲಿದೆ. ಮಾರ್ಚ್ 15ರಂದು ಬೆಳಿಗ್ಗೆ 9:00ರಿಂದ ತೆಪ್ಪೋತ್ಸವ ನಡೆಯಲಿದೆ. ಮಾರ್ಚ್ 13ರ ಸಂಜೆ 6:30ಕ್ಕೆ ಶ್ರೀ ಕ್ಷೇತ್ರದಲ್ಲಿ ಸಾಂಸ್ಕೃತಿಕ ಕಾರ್ಯಕ್ರಮಗಳು ನಡೆಯಲಿವೆ ಎಂದು ಮಠದ ಪ್ರಕಟಣೆ ತಿಳಿಸಿದೆ.
ಅತ್ಯುತ್ತಮ ಕೌಶಲ ಬೆಳೆಸಿಕೊಳ್ಳಿ: ಎಡಿಸಿ ಶಿವರಾಜು
ಮೈಸೂರು: ನರ್ಸಿಂಗ್ ವೃತ್ತಿ ಪವಿತ್ರವಾದ ವೃತ್ತಿಯಾಗಿದ್ದು ವಿದ್ಯಾರ್ಥಿಗಳು ಅತ್ಯುತ್ತಮ ಕೌಶಲ ಬೆಳೆಸಿಕೊಳ್ಳಬೇಕು ಎಂದು ಅಪರ ಜಿಲ್ಲಾಧಿಕಾರಿ ಶಿವರಾಜು ಹೇಳಿದರು. ನಗರದ ಖಾಸಗಿ ನರ್ಸಿಂಗ್ ಕಾಲೇಜಿನಲ್ಲಿ ಆಯೋಜಿಸಿದ್ದ ದೀಪ ಪ್ರಜ್ವಲನ ಹಾಗೂ ಪ್ರಮಾಣ ವಚನ ಸ್ವೀಕಾರ ಕಾರ್ಯಕ್ರಮವನ್ನು ಉದ್ಘಾಟಿಸಿ ಮಾತನಾಡಿದರು. ಆರೋಗ್ಯ ಕ್ಷೇತ್ರದಲ್ಲಿ ನರ್ಸ್‌ಗಳ ಪಾತ್ರ ಮಹತ್ವದ್ದಾಗಿದೆ. ರೋಗಿಗಳ ಆರೈಕೆಯಲ್ಲಿ ಸೇವಾ ಮನೋಭಾವ ಅಗತ್ಯ. ಈ ವೃತ್ತಿಯಲ್ಲಿ ಹೆಚ್ಚಿನ ಉದ್ಯೋಗಾವಕಾಶಗಳು ಲಭ್ಯವಿವೆ. ವಿದ್ಯಾರ್ಥಿಗಳು ಶ್ರದ್ಧೆಯಿಂದ ಕಲಿಯಬೇಕು ಎಂದರು.
E OF NURSING
ವೈದ್ಯಕೀಯ ಕ್ಷೇತ್ರದಲ್ಲಿ ಹೊಸ ತಂತ್ರಜ್ಞಾನ ಬಳಕೆ ಹೆಚ್ಚುತ್ತಿದ್ದು ವಿದ್ಯಾರ್ಥಿಗಳು ಅವುಗಳ ಬಗ್ಗೆ ಅರಿವು ಪಡೆಯಬೇಕು. ಶಿಸ್ತು ಹಾಗೂ ಸಮಯ ಪಾಲನೆ ರೂಢಿಸಿಕೊಳ್ಳಬೇಕು. ಮಾನವೀಯ ಮೌಲ್ಯಗಳನ್ನು ಮೈಗೂಡಿಸಿಕೊಂಡು ಸಮಾಜಕ್ಕೆ ಉತ್ತಮ ಸೇವೆ ಸಲ್ಲಿಸಬೇಕು. ಈ ಸಂದರ್ಭದಲ್ಲಿ ಕಾಲೇಜಿನ ಅಧ್ಯಕ್ಷರು, ಪ್ರಾಂಶುಪಾಲರು, ಬೋಧಕ ಹಾಗೂ ಬೋಧಕೇತರ ಸಿಬ್ಬಂದಿ ಮತ್ತು ವಿದ್ಯಾರ್ಥಿಗಳು ಉಪಸ್ಥಿತರಿದ್ದರು.
